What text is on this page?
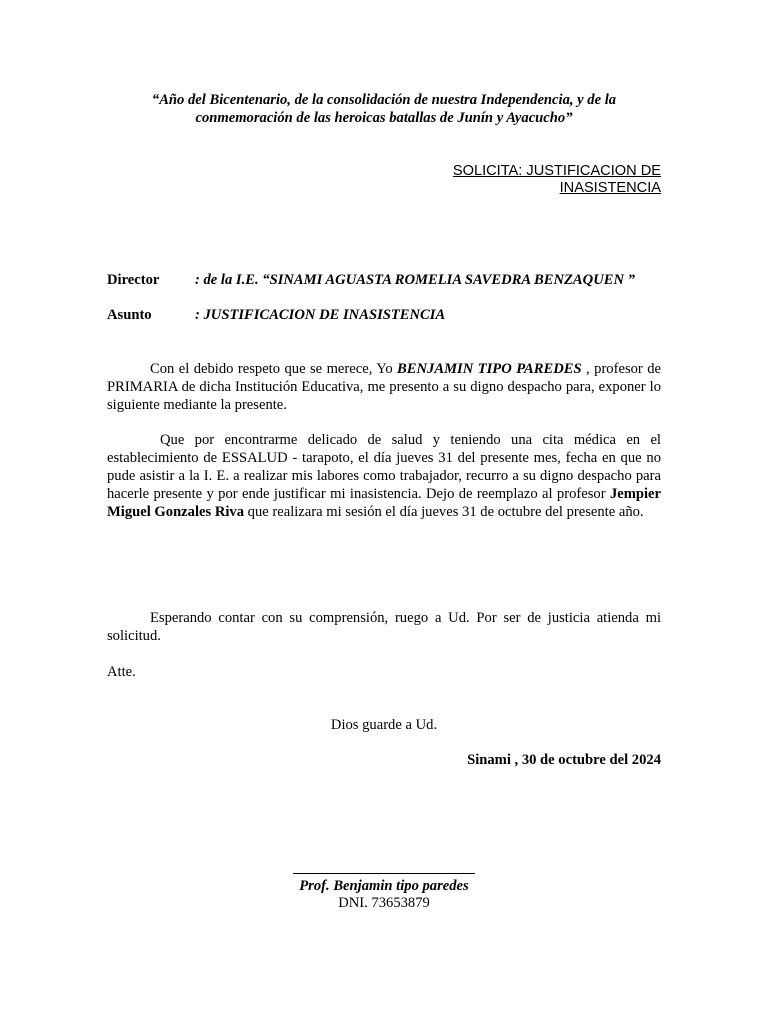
“Año del Bicentenario, de la consolidación de nuestra Independencia, y de la conmemoración de las heroicas batallas de Junín y Ayacucho”
SOLICITA: JUSTIFICACION DE
INASISTENCIA
Director : de la I.E. “SINAMI AGUASTA ROMELIA SAVEDRA BENZAQUEN ”
Asunto	: JUSTIFICACION DE INASISTENCIA
Con el debido respeto que se merece, Yo BENJAMIN TIPO PAREDES , profesor de PRIMARIA de dicha Institución Educativa, me presento a su digno despacho para, exponer lo siguiente mediante la presente.
Que por encontrarme delicado de salud y teniendo una cita médica en el establecimiento de ESSALUD - tarapoto, el día jueves 31 del presente mes, fecha en que no pude asistir a la I. E. a realizar mis labores como trabajador, recurro a su digno despacho para hacerle presente y por ende justificar mi inasistencia. Dejo de reemplazo al profesor Jempier Miguel Gonzales Riva que realizara mi sesión el día jueves 31 de octubre del presente año.
Esperando contar con su comprensión, ruego a Ud. Por ser de justicia atienda mi solicitud.
Atte.
Dios guarde a Ud.
Sinami , 30 de octubre del 2024
Prof. Benjamin tipo paredes
DNI. 73653879
